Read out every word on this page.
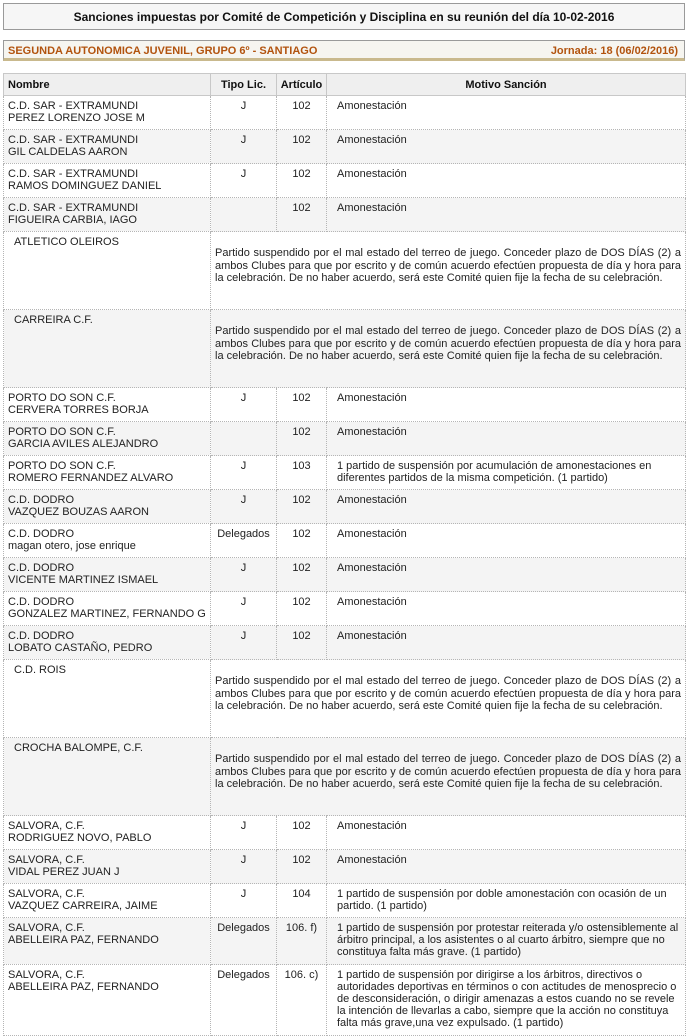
Sanciones impuestas por Comité de Competición y Disciplina en su reunión del día 10-02-2016
SEGUNDA AUTONOMICA JUVENIL, GRUPO 6º - SANTIAGO	Jornada: 18 (06/02/2016)
Nombre	Tipo Lic.	Artículo	Motivo Sanción

C.D. SAR - EXTRAMUNDI
PEREZ LORENZO JOSE M	J	102	Amonestación

C.D. SAR - EXTRAMUNDI
GIL CALDELAS AARON	J	102	Amonestación

C.D. SAR - EXTRAMUNDI
RAMOS DOMINGUEZ DANIEL	J	102	Amonestación

C.D. SAR - EXTRAMUNDI
FIGUEIRA CARBIA, IAGO		102	Amonestación
ATLETICO OLEIROS	Partido suspendido por el mal estado del terreo de juego. Conceder plazo de DOS DÍAS (2) a ambos Clubes para que por escrito y de común acuerdo efectúen propuesta de día y hora para la celebración. De no haber acuerdo, será este Comité quien fije la fecha de su celebración.		
CARREIRA C.F.	Partido suspendido por el mal estado del terreo de juego. Conceder plazo de DOS DÍAS (2) a ambos Clubes para que por escrito y de común acuerdo efectúen propuesta de día y hora para la celebración. De no haber acuerdo, será este Comité quien fije la fecha de su celebración.		

PORTO DO SON C.F.
CERVERA TORRES BORJA	J	102	Amonestación

PORTO DO SON C.F.
GARCIA AVILES ALEJANDRO		102	Amonestación

PORTO DO SON C.F.
ROMERO FERNANDEZ ALVARO	J	103	1 partido de suspensión por acumulación de amonestaciones en diferentes partidos de la misma competición. (1 partido)

C.D. DODRO
VAZQUEZ BOUZAS AARON	J	102	Amonestación

C.D. DODRO
magan otero, jose enrique	Delegados	102	Amonestación

C.D. DODRO
VICENTE MARTINEZ ISMAEL	J	102	Amonestación

C.D. DODRO
GONZALEZ MARTINEZ, FERNANDO G	J	102	Amonestación

C.D. DODRO
LOBATO CASTAÑO, PEDRO	J	102	Amonestación
C.D. ROIS	Partido suspendido por el mal estado del terreo de juego. Conceder plazo de DOS DÍAS (2) a ambos Clubes para que por escrito y de común acuerdo efectúen propuesta de día y hora para la celebración. De no haber acuerdo, será este Comité quien fije la fecha de su celebración.		
CROCHA BALOMPE, C.F.	Partido suspendido por el mal estado del terreo de juego. Conceder plazo de DOS DÍAS (2) a ambos Clubes para que por escrito y de común acuerdo efectúen propuesta de día y hora para la celebración. De no haber acuerdo, será este Comité quien fije la fecha de su celebración.		

SALVORA, C.F.
RODRIGUEZ NOVO, PABLO	J	102	Amonestación

SALVORA, C.F.
VIDAL PEREZ JUAN J	J	102	Amonestación

SALVORA, C.F.
VAZQUEZ CARREIRA, JAIME	J	104	1 partido de suspensión por doble amonestación con ocasión de un partido. (1 partido)

SALVORA, C.F.
ABELLEIRA PAZ, FERNANDO	Delegados	106. f)	1 partido de suspensión por protestar reiterada y/o ostensiblemente al árbitro principal, a los asistentes o al cuarto árbitro, siempre que no constituya falta más grave. (1 partido)

SALVORA, C.F.
ABELLEIRA PAZ, FERNANDO	Delegados	106. c)	1 partido de suspensión por dirigirse a los árbitros, directivos o autoridades deportivas en términos o con actitudes de menosprecio o de desconsideración, o dirigir amenazas a estos cuando no se revele la intención de llevarlas a cabo, siempre que la acción no constituya falta más grave,una vez expulsado. (1 partido)
